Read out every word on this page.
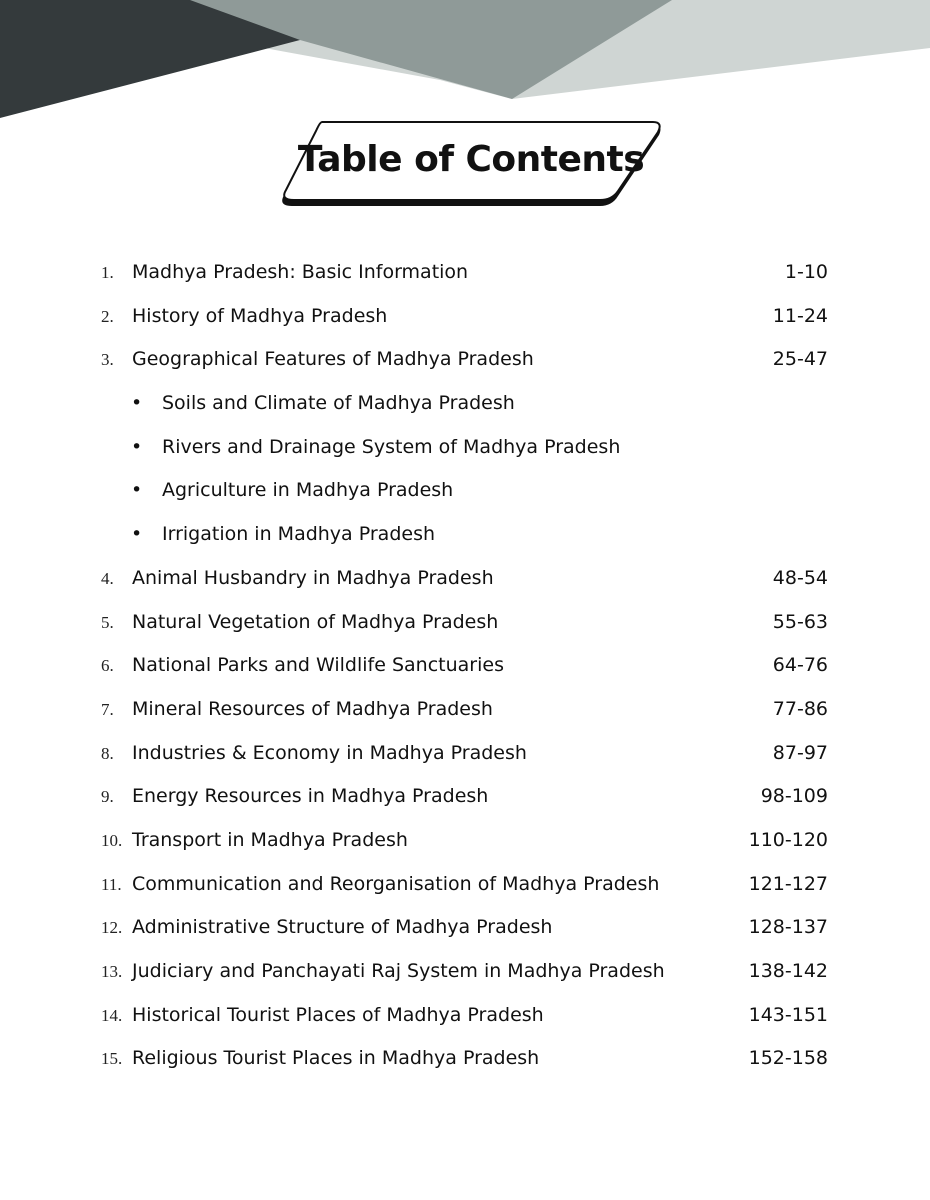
Table of Contents
1. Madhya Pradesh: Basic Information	1-10
2. History of Madhya Pradesh	11-24
3. Geographical Features of Madhya Pradesh	25-47
• Soils and Climate of Madhya Pradesh
• Rivers and Drainage System of Madhya Pradesh
• Agriculture in Madhya Pradesh
• Irrigation in Madhya Pradesh
4. Animal Husbandry in Madhya Pradesh	48-54
5. Natural Vegetation of Madhya Pradesh	55-63
6. National Parks and Wildlife Sanctuaries	64-76
7. Mineral Resources of Madhya Pradesh	77-86
8. Industries & Economy in Madhya Pradesh	87-97
9. Energy Resources in Madhya Pradesh	98-109
10. Transport in Madhya Pradesh	110-120
11. Communication and Reorganisation of Madhya Pradesh	121-127
12. Administrative Structure of Madhya Pradesh	128-137
13. Judiciary and Panchayati Raj System in Madhya Pradesh	138-142
14. Historical Tourist Places of Madhya Pradesh	143-151
15. Religious Tourist Places in Madhya Pradesh	152-158
